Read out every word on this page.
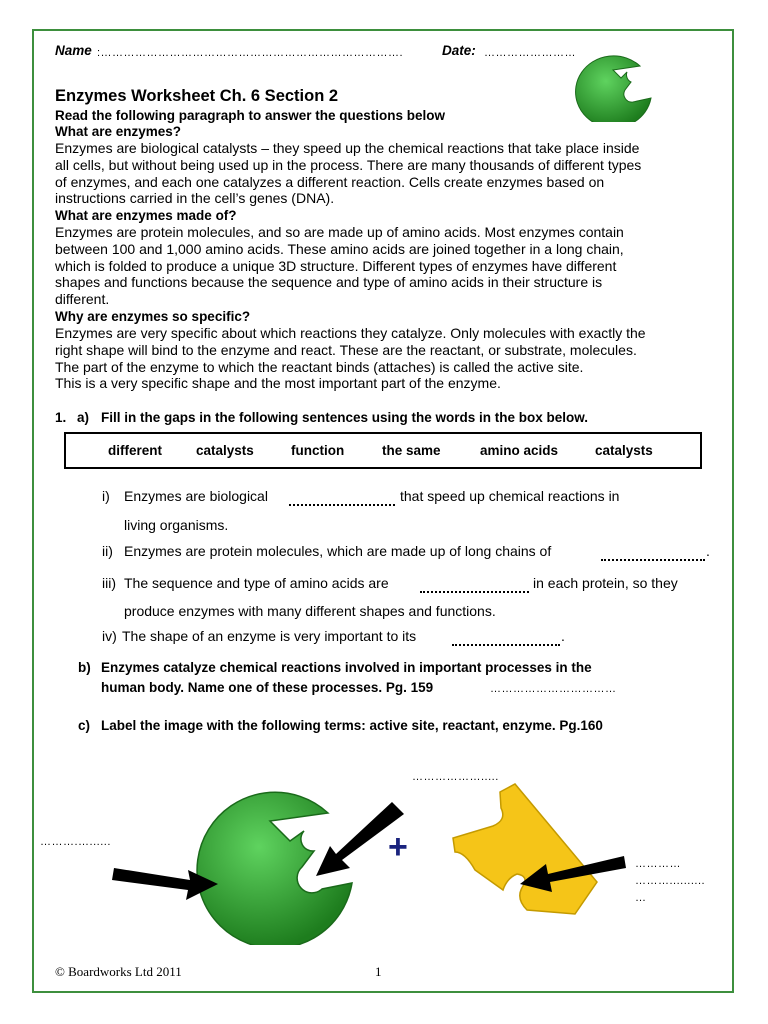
Name :…………………………………………………………………….	Date: ……………………
Enzymes Worksheet Ch. 6 Section 2
Read the following paragraph to answer the questions below
What are enzymes?
Enzymes are biological catalysts – they speed up the chemical reactions that take place inside
all cells, but without being used up in the process. There are many thousands of different types
of enzymes, and each one catalyzes a different reaction. Cells create enzymes based on
instructions carried in the cell’s genes (DNA).
What are enzymes made of?
Enzymes are protein molecules, and so are made up of amino acids. Most enzymes contain
between 100 and 1,000 amino acids. These amino acids are joined together in a long chain,
which is folded to produce a unique 3D structure. Different types of enzymes have different
shapes and functions because the sequence and type of amino acids in their structure is
different.
Why are enzymes so specific?
Enzymes are very specific about which reactions they catalyze. Only molecules with exactly the
right shape will bind to the enzyme and react. These are the reactant, or substrate, molecules.
The part of the enzyme to which the reactant binds (attaches) is called the active site.
This is a very specific shape and the most important part of the enzyme.
1. a) Fill in the gaps in the following sentences using the words in the box below.
different	catalysts	function	the same	amino acids	catalysts
i) Enzymes are biological	that speed up chemical reactions in
living organisms.
ii) Enzymes are protein molecules, which are made up of long chains of	.
iii) The sequence and type of amino acids are	in each protein, so they
produce enzymes with many different shapes and functions.
iv) The shape of an enzyme is very important to its	.
b) Enzymes catalyze chemical reactions involved in important processes in the
human body. Name one of these processes. Pg. 159	……………………………
c) Label the image with the following terms: active site, reactant, enzyme. Pg.160
……….…......
……………….....
…………
………..........
…
+
© Boardworks Ltd 2011	1
